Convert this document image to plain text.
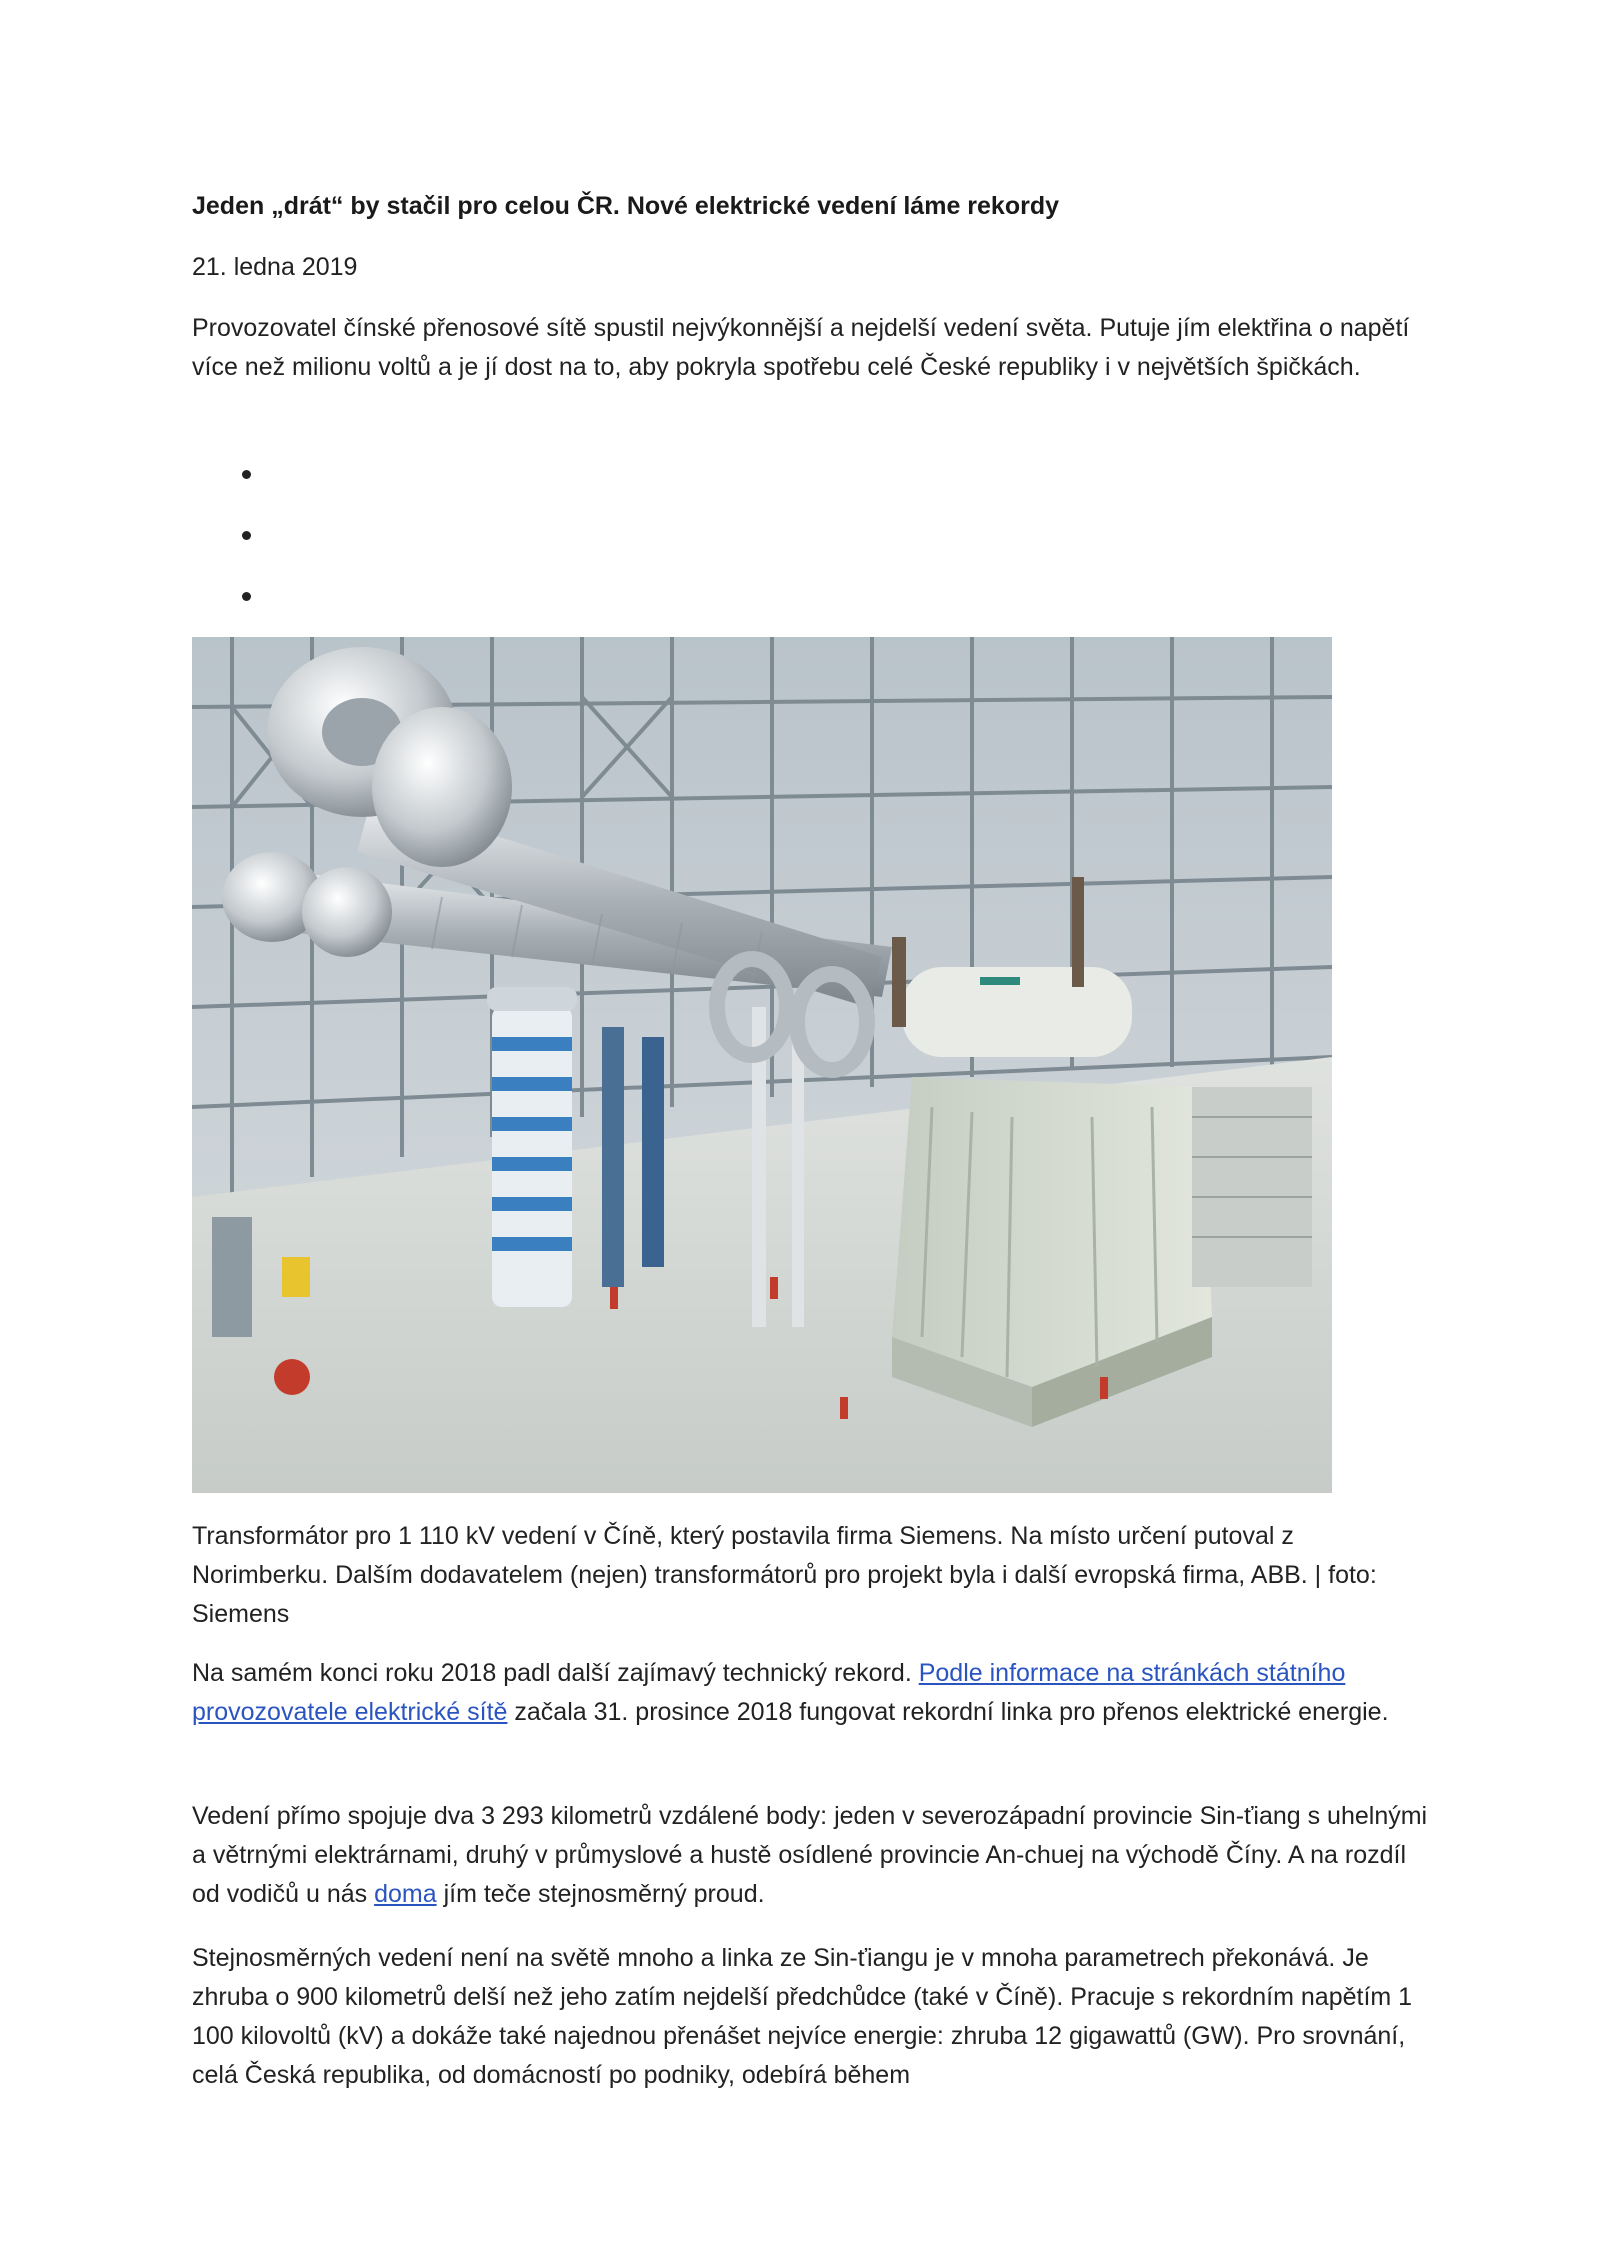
Jeden „drát“ by stačil pro celou ČR. Nové elektrické vedení láme rekordy
21. ledna 2019

Provozovatel čínské přenosové sítě spustil nejvýkonnější a nejdelší vedení světa. Putuje jím elektřina o napětí více než milionu voltů a je jí dost na to, aby pokryla spotřebu celé České republiky i v největších špičkách.

Transformátor pro 1 110 kV vedení v Číně, který postavila firma Siemens. Na místo určení putoval z Norimberku. Dalším dodavatelem (nejen) transformátorů pro projekt byla i další evropská firma, ABB. | foto: Siemens

Na samém konci roku 2018 padl další zajímavý technický rekord. Podle informace na stránkách státního provozovatele elektrické sítě začala 31. prosince 2018 fungovat rekordní linka pro přenos elektrické energie.

Vedení přímo spojuje dva 3 293 kilometrů vzdálené body: jeden v severozápadní provincie Sin-ťiang s uhelnými a větrnými elektrárnami, druhý v průmyslové a hustě osídlené provincie An-chuej na východě Číny. A na rozdíl od vodičů u nás doma jím teče stejnosměrný proud.

Stejnosměrných vedení není na světě mnoho a linka ze Sin-ťiangu je v mnoha parametrech překonává. Je zhruba o 900 kilometrů delší než jeho zatím nejdelší předchůdce (také v Číně). Pracuje s rekordním napětím 1 100 kilovoltů (kV) a dokáže také najednou přenášet nejvíce energie: zhruba 12 gigawattů (GW). Pro srovnání, celá Česká republika, od domácností po podniky, odebírá během
